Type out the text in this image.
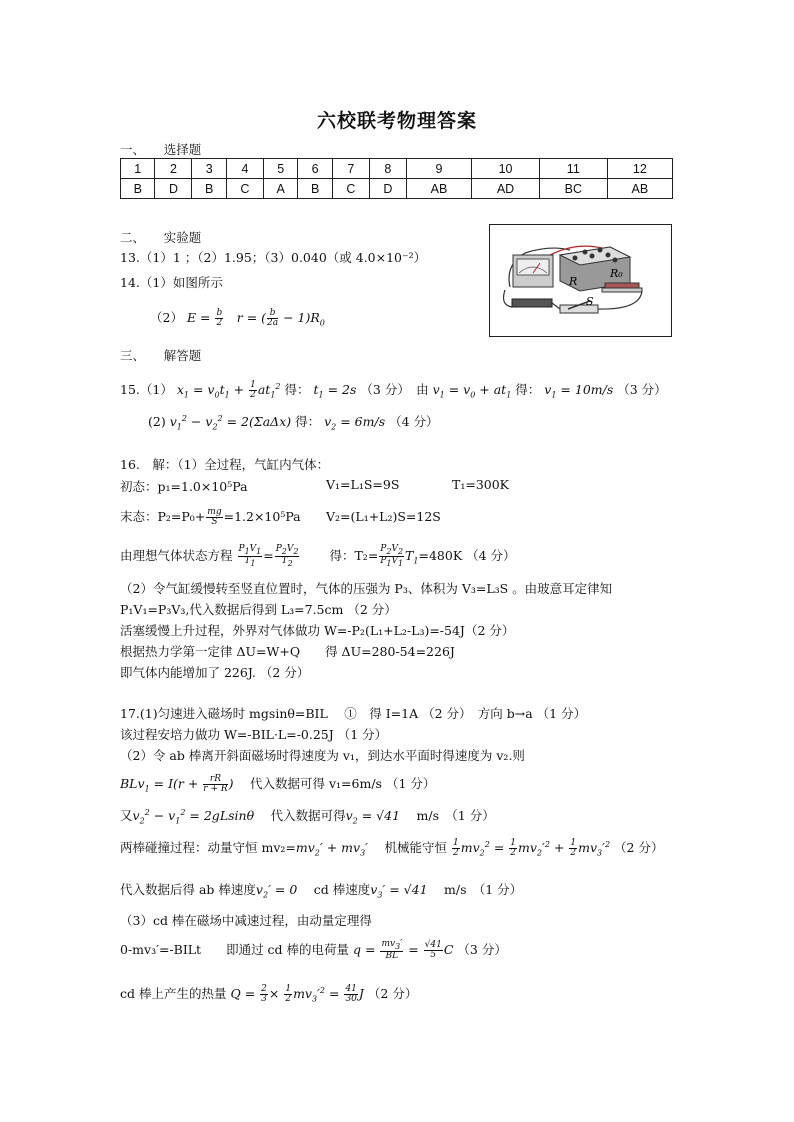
六校联考物理答案
一、　　选择题
1	2	3	4	5	6	7	8	9	10	11	12
B	D	B	C	A	B	C	D	AB	AD	BC	AB
二、　　实验题
13.（1）1 ；（2）1.95；（3）0.040（或 4.0×10⁻²）
14.（1）如图所示
（2） $E = \frac{b}{2}$ 　r = ( $\frac{b}{2a} - 1)R_0$
R
R₀
S
三、　　解答题
15.（1） $x_1 = v_0t_1 + \frac{1}{2} at_1^2$ 得： $t_1 = 2s$ （3 分）　由 $v_1 = v_0 + at_1$ 得： $v_1 = 10m/s$ （3 分）
(2) $v_1^2 - v_2^2 = 2(\Sigma a\Delta x)$ 得： $v_2 = 6m/s$ （4 分）
16.　解：（1）全过程，气缸内气体：
初态：p₁=1.0×10⁵Pa	V₁=L₁S=9S	T₁=300K
末态：$P_2=P_0+ \frac{mg}{S} =1.2\times 10^5Pa$ V₂=(L₁+L₂)S=12S
由理想气体状态方程 $\frac{P_1V_1}{T_1} = \frac{P_2V_2}{T_2}$
　　 得：$T_2= \frac{P_2V_2}{P_1V_1} T_1=480K$ （4 分）
（2）令气缸缓慢转至竖直位置时，气体的压强为 P₃、体积为 V₃=L₃S 。由玻意耳定律知
P₁V₁=P₃V₃,代入数据后得到 L₃=7.5cm （2 分）
活塞缓慢上升过程，外界对气体做功 W=-P₂(L₁+L₂-L₃)=-54J（2 分）
根据热力学第一定律 ΔU=W+Q　　得 ΔU=280-54=226J
即气体内能增加了 226J. （2 分）
17.(1)匀速进入磁场时 mgsinθ=BIL　 ①　得 I=1A （2 分）　方向 b→a （1 分）
该过程安培力做功 W=-BIL·L=-0.25J （1 分）
（2）令 ab 棒离开斜面磁场时得速度为 v₁，到达水平面时得速度为 v₂.则
$BLv_1 = I(r + \frac{rR}{r + R}$ )　 代入数据可得 v₁=6m/s （1 分）
又$v_2^2 - v_1^2 = 2gLsin\theta$　 代入数据可得$v_2 = √41$　 m/s　（1 分）
两棒碰撞过程：动量守恒 $mv_2=mv_2' + mv_3'$　 机械能守恒 $\frac{1}{2} mv_2^2 = \frac{1}{2} mv_2'^2 + \frac{1}{2} mv_3'^2$ （2 分）
代入数据后得 ab 棒速度$v_2' = 0$　 cd 棒速度$v_3' = √41$　 m/s　（1 分）
（3）cd 棒在磁场中减速过程，由动量定理得
0-mv₃′=-BILt　　即通过 cd 棒的电荷量 $q = \frac{mv_3'}{BL} = \frac{√41}{5}$ C （3 分）
cd 棒上产生的热量 $Q = \frac{2}{3} \times \frac{1}{2} mv_3'^2 = \frac{41}{30}$ J （2 分）
